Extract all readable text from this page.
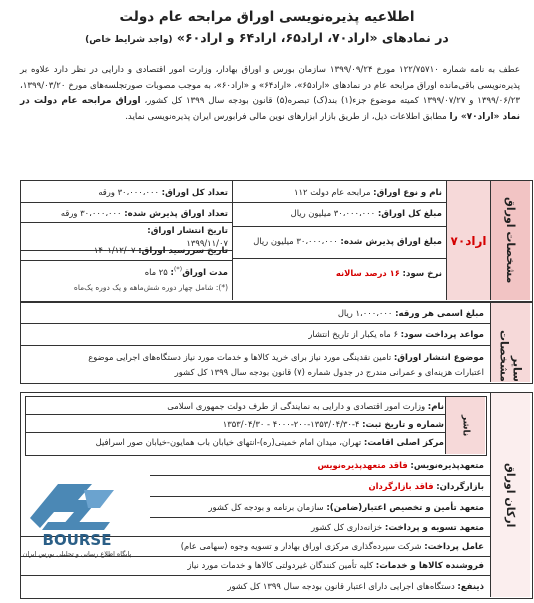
اطلاعیه پذیره‌نویسی اوراق مرابحه عام دولت
در نمادهای «اراد۷۰، اراد۶۵، اراد۶۴ و اراد۶۰» (واجد شرایط خاص)
عطف به نامه شماره ۱۲۲/۷۵۷۱۰ مورخ ۱۳۹۹/۰۹/۲۴ سازمان بورس و اوراق بهادار، وزارت امور اقتصادی و دارایی در نظر دارد علاوه بر پذیره‌نویسی باقی‌مانده اوراق مرابحه عام در نمادهای «اراد۶۵»، «اراد۶۴» و «اراد۶۰»، به موجب مصوبات صورتجلسه‌های مورخ ۱۳۹۹/۰۳/۲۰، ۱۳۹۹/۰۶/۲۳ و ۱۳۹۹/۰۷/۲۷ کمیته موضوع جزء(۱) بند(ک) تبصره(۵) قانون بودجه سال ۱۳۹۹ کل کشور، اوراق مرابحه عام دولت در نماد «اراد۷۰» را مطابق اطلاعات ذیل، از طریق بازار ابزارهای نوین مالی فرابورس ایران پذیره‌نویسی نماید.
مشخصات اوراق
اراد۷۰
نام و نوع اوراق: مرابحه عام دولت ۱۱۲
مبلغ کل اوراق: ۳۰،۰۰۰،۰۰۰ میلیون ریال
مبلغ اوراق پذیرش شده: ۳۰،۰۰۰،۰۰۰ میلیون ریال
نرخ سود: ۱۶ درصد سالانه
تعداد کل اوراق: ۳۰،۰۰۰،۰۰۰ ورقه
تعداد اوراق پذیرش شده: ۳۰،۰۰۰،۰۰۰ ورقه
تاریخ انتشار اوراق:
۱۳۹۹/۱۱/۰۷
تاریخ سررسید اوراق: ۱۴۰۱/۱۲/۰۷
مدت اوراق(*): ۲۵ ماه
(*): شامل چهار دوره شش‌ماهه و یک دوره یک‌ماه
سایر مشخصات
مبلغ اسمی هر ورقه: ۱،۰۰۰،۰۰۰ ریال
مواعد پرداخت سود: ۶ ماه یکبار از تاریخ انتشار
موضوع انتشار اوراق: تامین نقدینگی مورد نیاز برای خرید کالاها و خدمات مورد نیاز دستگاه‌های اجرایی موضوع
اعتبارات هزینه‌ای و عمرانی مندرج در جدول شماره (۷) قانون بودجه سال ۱۳۹۹ کل کشور
ارکان اوراق
ناشر
نام: وزارت امور اقتصادی و دارایی به نمایندگی از طرف دولت جمهوری اسلامی
شماره و تاریخ ثبت: ۴-۱۳۵۳/۰۴/۳۰-۲۰۰-۴۰۰۰ - ۱۳۵۳/۰۴/۳۰
مرکز اصلی اقامت: تهران، میدان امام خمینی(ره)-انتهای خیابان باب همایون-خیابان صور اسرافیل
متعهدپذیره‌نویس: فاقد متعهدپذیره‌نویس
بازارگردان: فاقد بازارگردان
متعهد تأمین و تخصیص اعتبار(ضامن): سازمان برنامه و بودجه کل کشور
متعهد تسویه و پرداخت: خزانه‌داری کل کشور
عامل پرداخت: شرکت سپرده‌گذاری مرکزی اوراق بهادار و تسویه وجوه (سهامی عام)
فروشنده کالاها و خدمات: کلیه تأمین کنندگان غیردولتی کالاها و خدمات مورد نیاز
ذینفع: دستگاه‌های اجرایی دارای اعتبار قانون بودجه سال ۱۳۹۹ کل کشور
BOURSE
پایگاه اطلاع رسانی و تحلیلی بورس ایران
